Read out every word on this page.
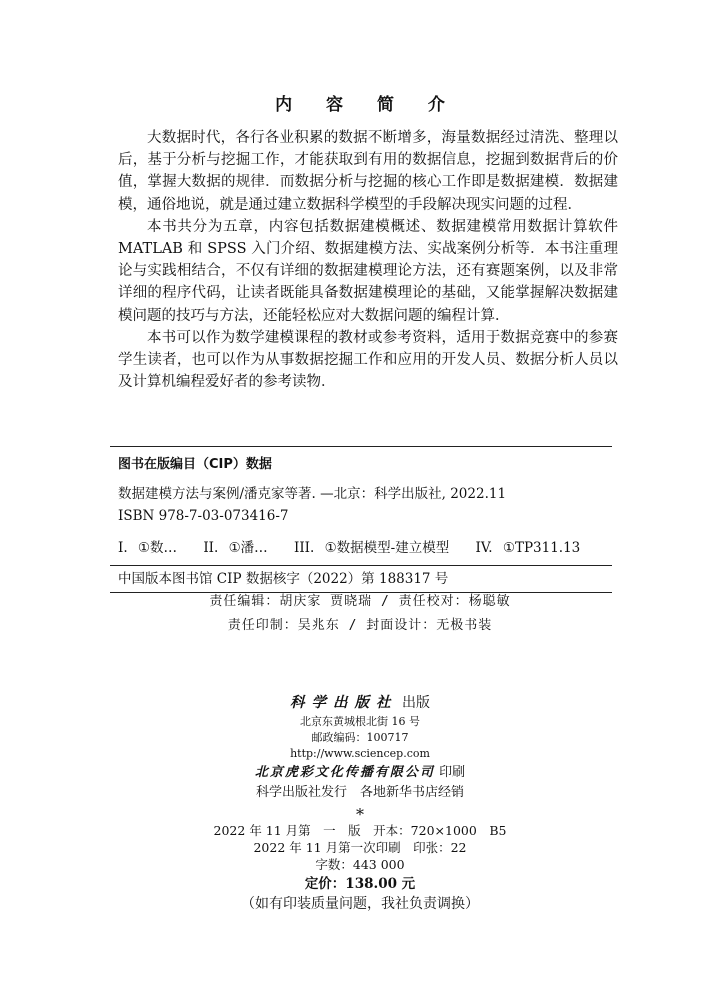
内 容 简 介

大数据时代，各行各业积累的数据不断增多，海量数据经过清洗、整理以后，基于分析与挖掘工作，才能获取到有用的数据信息，挖掘到数据背后的价值，掌握大数据的规律．而数据分析与挖掘的核心工作即是数据建模．数据建模，通俗地说，就是通过建立数据科学模型的手段解决现实问题的过程．

本书共分为五章，内容包括数据建模概述、数据建模常用数据计算软件 MATLAB 和 SPSS 入门介绍、数据建模方法、实战案例分析等．本书注重理论与实践相结合，不仅有详细的数据建模理论方法，还有赛题案例，以及非常详细的程序代码，让读者既能具备数据建模理论的基础，又能掌握解决数据建模问题的技巧与方法，还能轻松应对大数据问题的编程计算．

本书可以作为数学建模课程的教材或参考资料，适用于数据竞赛中的参赛学生读者，也可以作为从事数据挖掘工作和应用的开发人员、数据分析人员以及计算机编程爱好者的参考读物．

图书在版编目（CIP）数据
数据建模方法与案例/潘克家等著. —北京：科学出版社, 2022.11
ISBN 978-7-03-073416-7
I. ①数… II. ①潘… III. ①数据模型-建立模型 IV. ①TP311.13
中国版本图书馆 CIP 数据核字（2022）第 188317 号
责任编辑：胡庆家 贾晓瑞 / 责任校对：杨聪敏
责任印制：吴兆东 / 封面设计：无极书装
科学出版社 出版
北京东黄城根北街 16 号
邮政编码：100717
http://www.sciencep.com
北京虎彩文化传播有限公司 印刷
科学出版社发行　各地新华书店经销
*
2022 年 11 月第　一　版　开本：720×1000　B5
2022 年 11 月第一次印刷　印张：22
字数：443 000
定价：138.00 元
（如有印装质量问题，我社负责调换）
